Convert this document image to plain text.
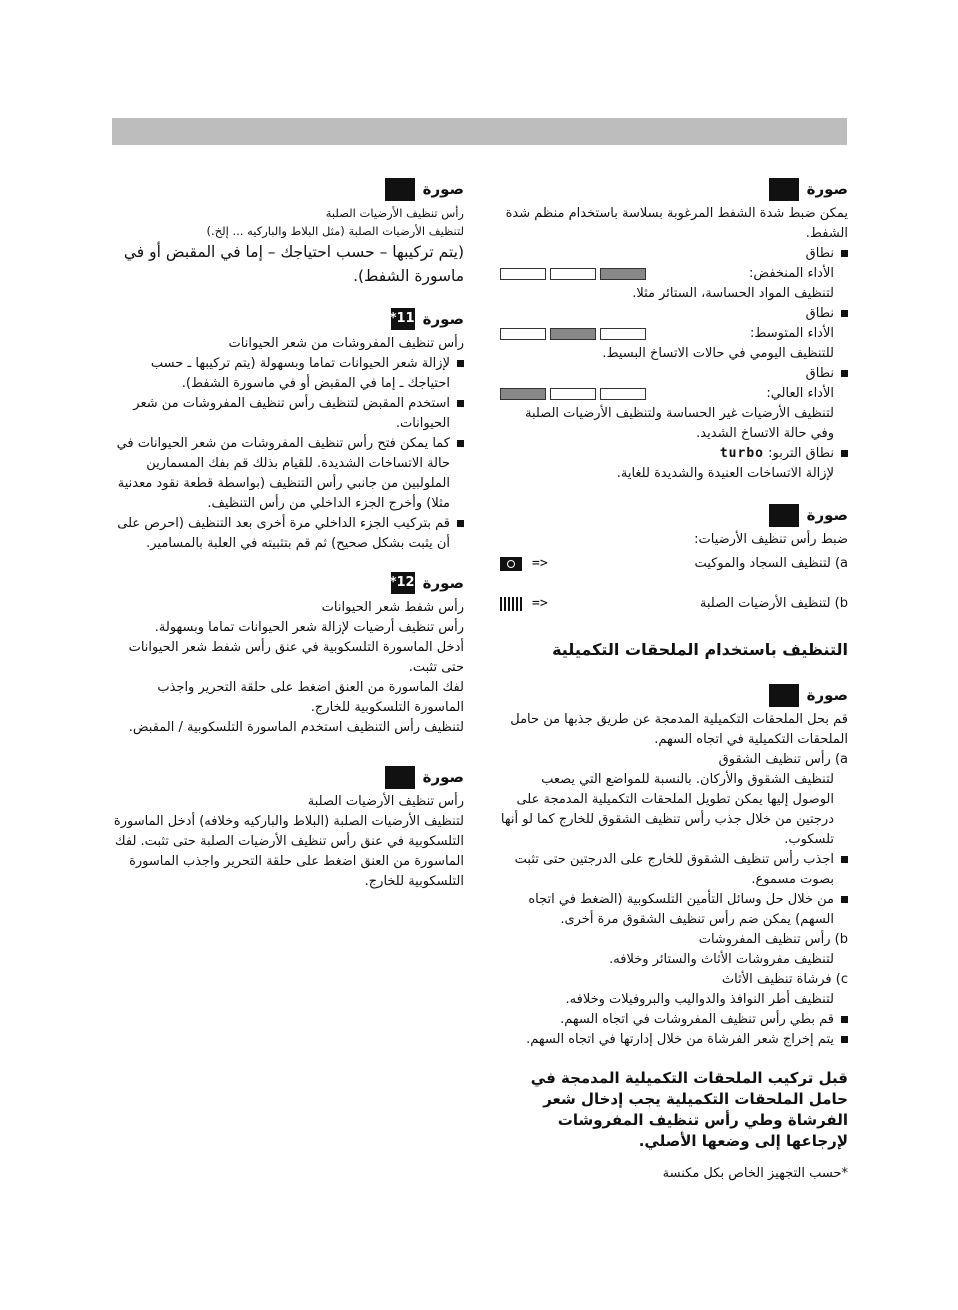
صورة

يمكن ضبط شدة الشفط المرغوبة بسلاسة باستخدام منظم شدة الشفط.

نطاق

الأداء المنخفض:

لتنظيف المواد الحساسة، الستائر مثلا.

نطاق

الأداء المتوسط:

للتنظيف اليومي في حالات الاتساخ البسيط.

نطاق

الأداء العالي:

لتنظيف الأرضيات غير الحساسة ولتنظيف الأرضيات الصلبة وفي حالة الاتساخ الشديد.

نطاق التربو: turbo

لإزالة الاتساخات العنيدة والشديدة للغاية.

صورة

ضبط رأس تنظيف الأرضيات:

a) لتنظيف السجاد والموكيت
<=
b) لتنظيف الأرضيات الصلبة
<=
التنظيف باستخدام الملحقات التكميلية
صورة

قم بحل الملحقات التكميلية المدمجة عن طريق جذبها من حامل الملحقات التكميلية في اتجاه السهم.

a) رأس تنظيف الشقوق

لتنظيف الشقوق والأركان. بالنسبة للمواضع التي يصعب الوصول إليها يمكن تطويل الملحقات التكميلية المدمجة على درجتين من خلال جذب رأس تنظيف الشقوق للخارج كما لو أنها تلسكوب.

اجذب رأس تنظيف الشقوق للخارج على الدرجتين حتى تثبت بصوت مسموع.

من خلال حل وسائل التأمين التلسكوبية (الضغط في اتجاه السهم) يمكن ضم رأس تنظيف الشقوق مرة أخرى.

b) رأس تنظيف المفروشات

لتنظيف مفروشات الأثاث والستائر وخلافه.

c) فرشاة تنظيف الأثاث

لتنظيف أطر النوافذ والدواليب والبروفيلات وخلافه.

قم بطي رأس تنظيف المفروشات في اتجاه السهم.

يتم إخراج شعر الفرشاة من خلال إدارتها في اتجاه السهم.

قبل تركيب الملحقات التكميلية المدمجة في حامل الملحقات التكميلية يجب إدخال شعر الفرشاة وطي رأس تنظيف المفروشات لإرجاعها إلى وضعها الأصلي.

*حسب التجهيز الخاص بكل مكنسة

صورة

رأس تنظيف الأرضيات الصلبة

لتنظيف الأرضيات الصلبة (مثل البلاط والباركيه ... إلخ.)

(يتم تركيبها – حسب احتياجك – إما في المقبض أو في ماسورة الشفط).

صورة
11*

رأس تنظيف المفروشات من شعر الحيوانات

لإزالة شعر الحيوانات تماما وبسهولة (يتم تركيبها ـ حسب احتياجك ـ إما في المقبض أو في ماسورة الشفط).

استخدم المقبض لتنظيف رأس تنظيف المفروشات من شعر الحيوانات.

كما يمكن فتح رأس تنظيف المفروشات من شعر الحيوانات في حالة الاتساخات الشديدة. للقيام بذلك قم بفك المسمارين الملولبين من جانبي رأس التنظيف (بواسطة قطعة نقود معدنية مثلا) وأخرج الجزء الداخلي من رأس التنظيف.

قم بتركيب الجزء الداخلي مرة أخرى بعد التنظيف (احرص على أن يثبت بشكل صحيح) ثم قم بتثبيته في العلبة بالمسامير.

صورة
12*

رأس شفط شعر الحيوانات

رأس تنظيف أرضيات لإزالة شعر الحيوانات تماما وبسهولة.

أدخل الماسورة التلسكوبية في عنق رأس شفط شعر الحيوانات حتى تثبت.

لفك الماسورة من العنق اضغط على حلقة التحرير واجذب الماسورة التلسكوبية للخارج.

لتنظيف رأس التنظيف استخدم الماسورة التلسكوبية / المقبض.

صورة

رأس تنظيف الأرضيات الصلبة

لتنظيف الأرضيات الصلبة (البلاط والباركيه وخلافه) أدخل الماسورة التلسكوبية في عنق رأس تنظيف الأرضيات الصلبة حتى تثبت. لفك الماسورة من العنق اضغط على حلقة التحرير واجذب الماسورة التلسكوبية للخارج.
